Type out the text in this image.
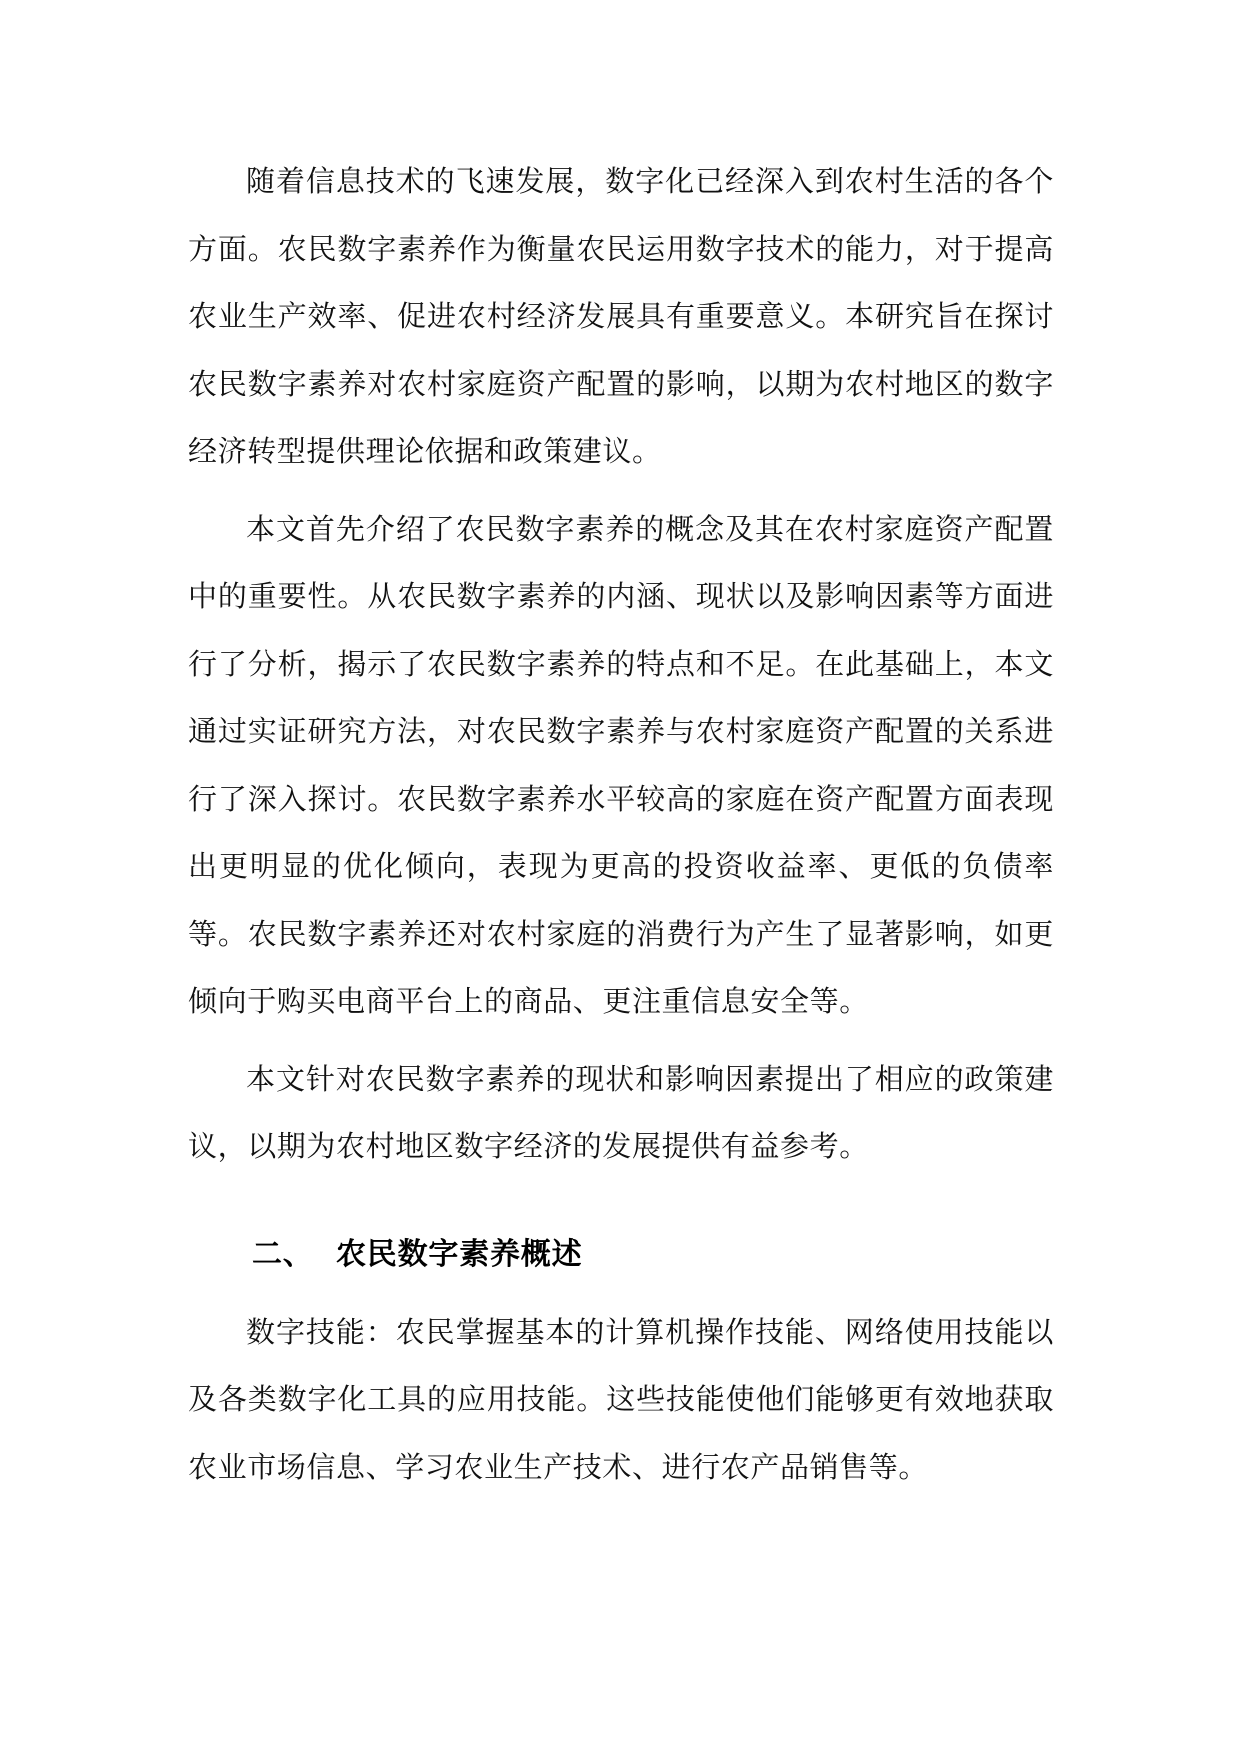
随着信息技术的飞速发展，数字化已经深入到农村生活的各个方面。农民数字素养作为衡量农民运用数字技术的能力，对于提高农业生产效率、促进农村经济发展具有重要意义。本研究旨在探讨农民数字素养对农村家庭资产配置的影响，以期为农村地区的数字经济转型提供理论依据和政策建议。

本文首先介绍了农民数字素养的概念及其在农村家庭资产配置中的重要性。从农民数字素养的内涵、现状以及影响因素等方面进行了分析，揭示了农民数字素养的特点和不足。在此基础上，本文通过实证研究方法，对农民数字素养与农村家庭资产配置的关系进行了深入探讨。农民数字素养水平较高的家庭在资产配置方面表现出更明显的优化倾向，表现为更高的投资收益率、更低的负债率等。农民数字素养还对农村家庭的消费行为产生了显著影响，如更倾向于购买电商平台上的商品、更注重信息安全等。

本文针对农民数字素养的现状和影响因素提出了相应的政策建议，以期为农村地区数字经济的发展提供有益参考。

二、 农民数字素养概述

数字技能：农民掌握基本的计算机操作技能、网络使用技能以及各类数字化工具的应用技能。这些技能使他们能够更有效地获取农业市场信息、学习农业生产技术、进行农产品销售等。
